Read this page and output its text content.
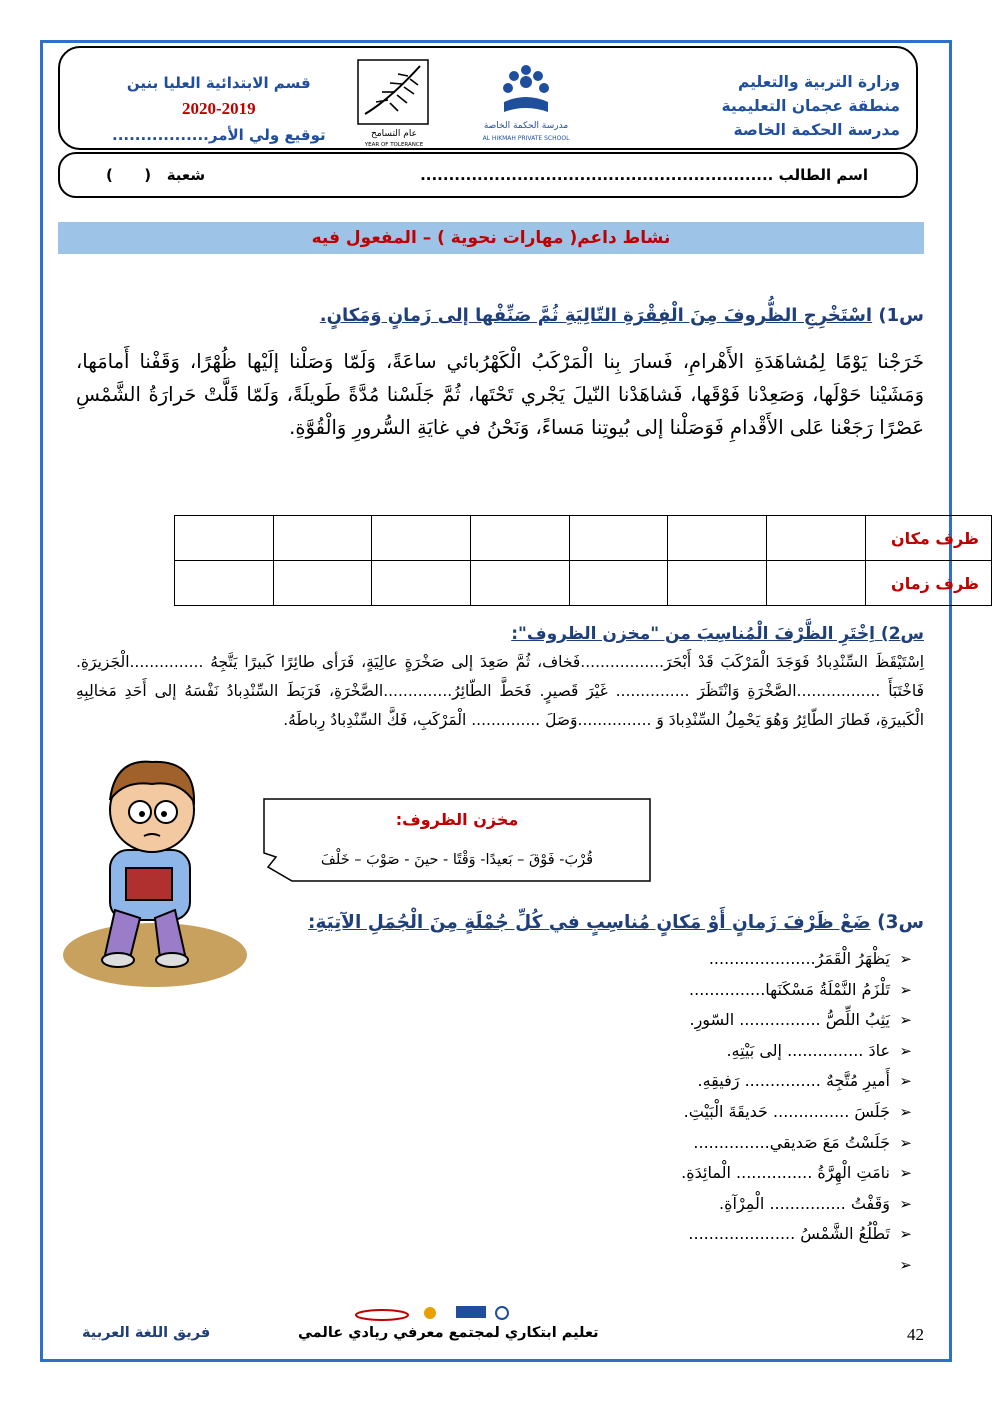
وزارة التربية والتعليم
منطقة عجمان التعليمية
مدرسة الحكمة الخاصة
قسم الابتدائية العليا بنين
2020-2019
توقيع ولي الأمر.................	عام التسامح
YEAR OF TOLERANCE
مدرسة الحكمة الخاصة
AL HIKMAH PRIVATE SCHOOL
اسم الطالب ..............................................................
شعبة   (      )
نشاط داعم( مهارات نحوية ) – المفعول فيه
س1) اسْتَخْرِجِ الظُّروفَ مِنَ الْفِقْرَةِ التّالِيَةِ ثُمَّ صَنِّفْها إلى زَمانٍ وَمَكانٍ.
خَرَجْنا يَوْمًا لِمُشاهَدَةِ الأَهْرامِ، فَسارَ بِنا الْمَرْكَبُ الْكَهْرُبائي ساعَةً، وَلَمّا وَصَلْنا إلَيْها ظُهْرًا، وَقَفْنا أَمامَها، وَمَشَيْنا حَوْلَها، وَصَعِدْنا فَوْقَها، فَشاهَدْنا النّيلَ يَجْري تَحْتَها، ثُمَّ جَلَسْنا مُدَّةً طَويلَةً، وَلَمّا قَلَّتْ حَرارَةُ الشَّمْسِ عَصْرًا رَجَعْنا عَلى الأَقْدامِ فَوَصَلْنا إلى بُيوتِنا مَساءً، وَنَحْنُ في غايَةِ السُّرورِ وَالْقُوَّةِ.
ظرف مكان							
ظرف زمان							
س2) اِخْتَرِ الظَّرْفَ الْمُناسِبَ من "مخزن الظروف":
اِسْتَيْقَظَ السِّنْدِبادُ فَوَجَدَ الْمَرْكَبَ قَدْ أَبْحَرَ.................فَخاف، ثُمَّ صَعِدَ إلى صَخْرَةٍ عالِيَةٍ، فَرَأى طائِرًا كَبيرًا يَتَّجِهُ ...............الْجَزيرَةِ. فَاخْتَبَأَ .................الصَّخْرَةِ وَانْتَظَرَ ............... غَيْرَ قَصيرٍ. فَحَطَّ الطّائِرُ..............الصَّخْرَةِ، فَرَبَطَ السِّنْدِبادُ نَفْسَهُ إلى أَحَدِ مَخالِبِهِ الْكَبيرَةِ، فَطارَ الطّائِرُ وَهُوَ يَحْمِلُ السِّنْدِبادَ وَ ...............وَصَلَ .............. الْمَرْكَبِ، فَكَّ السِّنْدِبادُ رِباطَهُ.
مخزن الظروف:
قُرْبَ- فَوْقَ – بَعيدًا- وَقْتًا - حينَ - صَوْبَ – خَلْفَ
س3) ضَعْ ظَرْفَ زَمانٍ أَوْ مَكانٍ مُناسِبٍ في كُلِّ جُمْلَةٍ مِنَ الْجُمَلِ الآتِيَةِ:
➢يَظْهَرُ الْقَمَرُ.....................
➢تَلْزَمُ النَّمْلَةُ مَسْكَنَها...............
➢يَثِبُ اللِّصُّ ................ السّورِ.
➢عادَ ............... إلى بَيْتِهِ.
➢أَميرِ مُتَّجِهٌ ............... رَفيقِهِ.
➢جَلَسَ ............... حَديقَةَ الْبَيْتِ.
➢جَلَسْتُ مَعَ صَديقي...............
➢نامَتِ الْهِرَّةُ ............... الْمائِدَةِ.
➢وَقَفْتُ ............... الْمِرْآةِ.
➢تَطْلُعُ الشَّمْسُ .....................
➢
فريق اللغة العربية	تعليم ابتكاري لمجتمع معرفي ريادي عالمي	42
